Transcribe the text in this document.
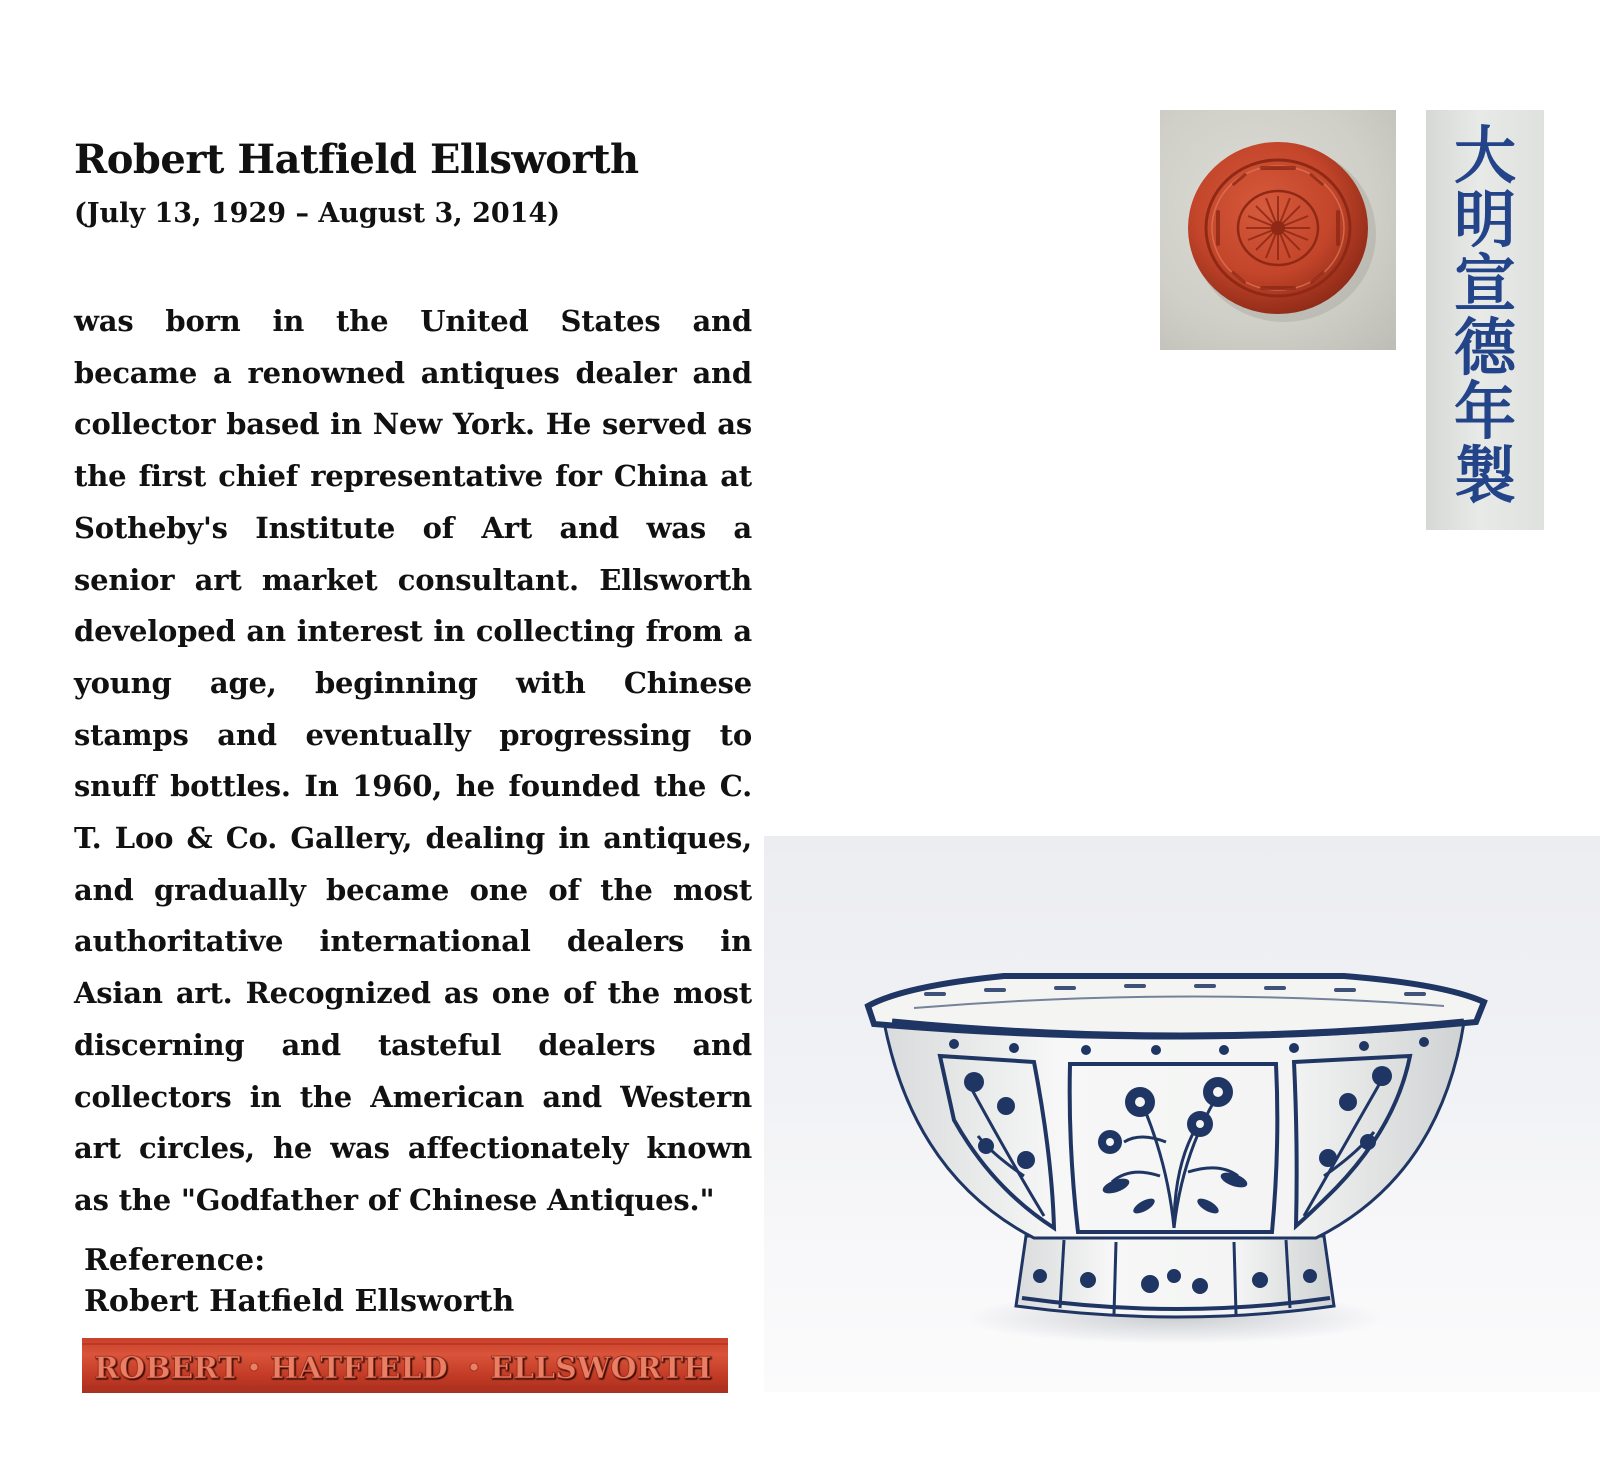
Robert Hatfield Ellsworth
(July 13, 1929 – August 3, 2014)

was born in the United States and became a renowned antiques dealer and collector based in New York. He served as the first chief representative for China at Sotheby's Institute of Art and was a senior art market consultant. Ellsworth developed an interest in collecting from a young age, beginning with Chinese stamps and eventually progressing to snuff bottles. In 1960, he founded the C. T. Loo & Co. Gallery, dealing in antiques, and gradually became one of the most authoritative international dealers in Asian art. Recognized as one of the most discerning and tasteful dealers and collectors in the American and Western art circles, he was affectionately known as the "Godfather of Chinese Antiques."

Reference:
Robert Hatfield Ellsworth
ROBERT HATFIELD ELLSWORTH
大
明
宣
德
年
製
